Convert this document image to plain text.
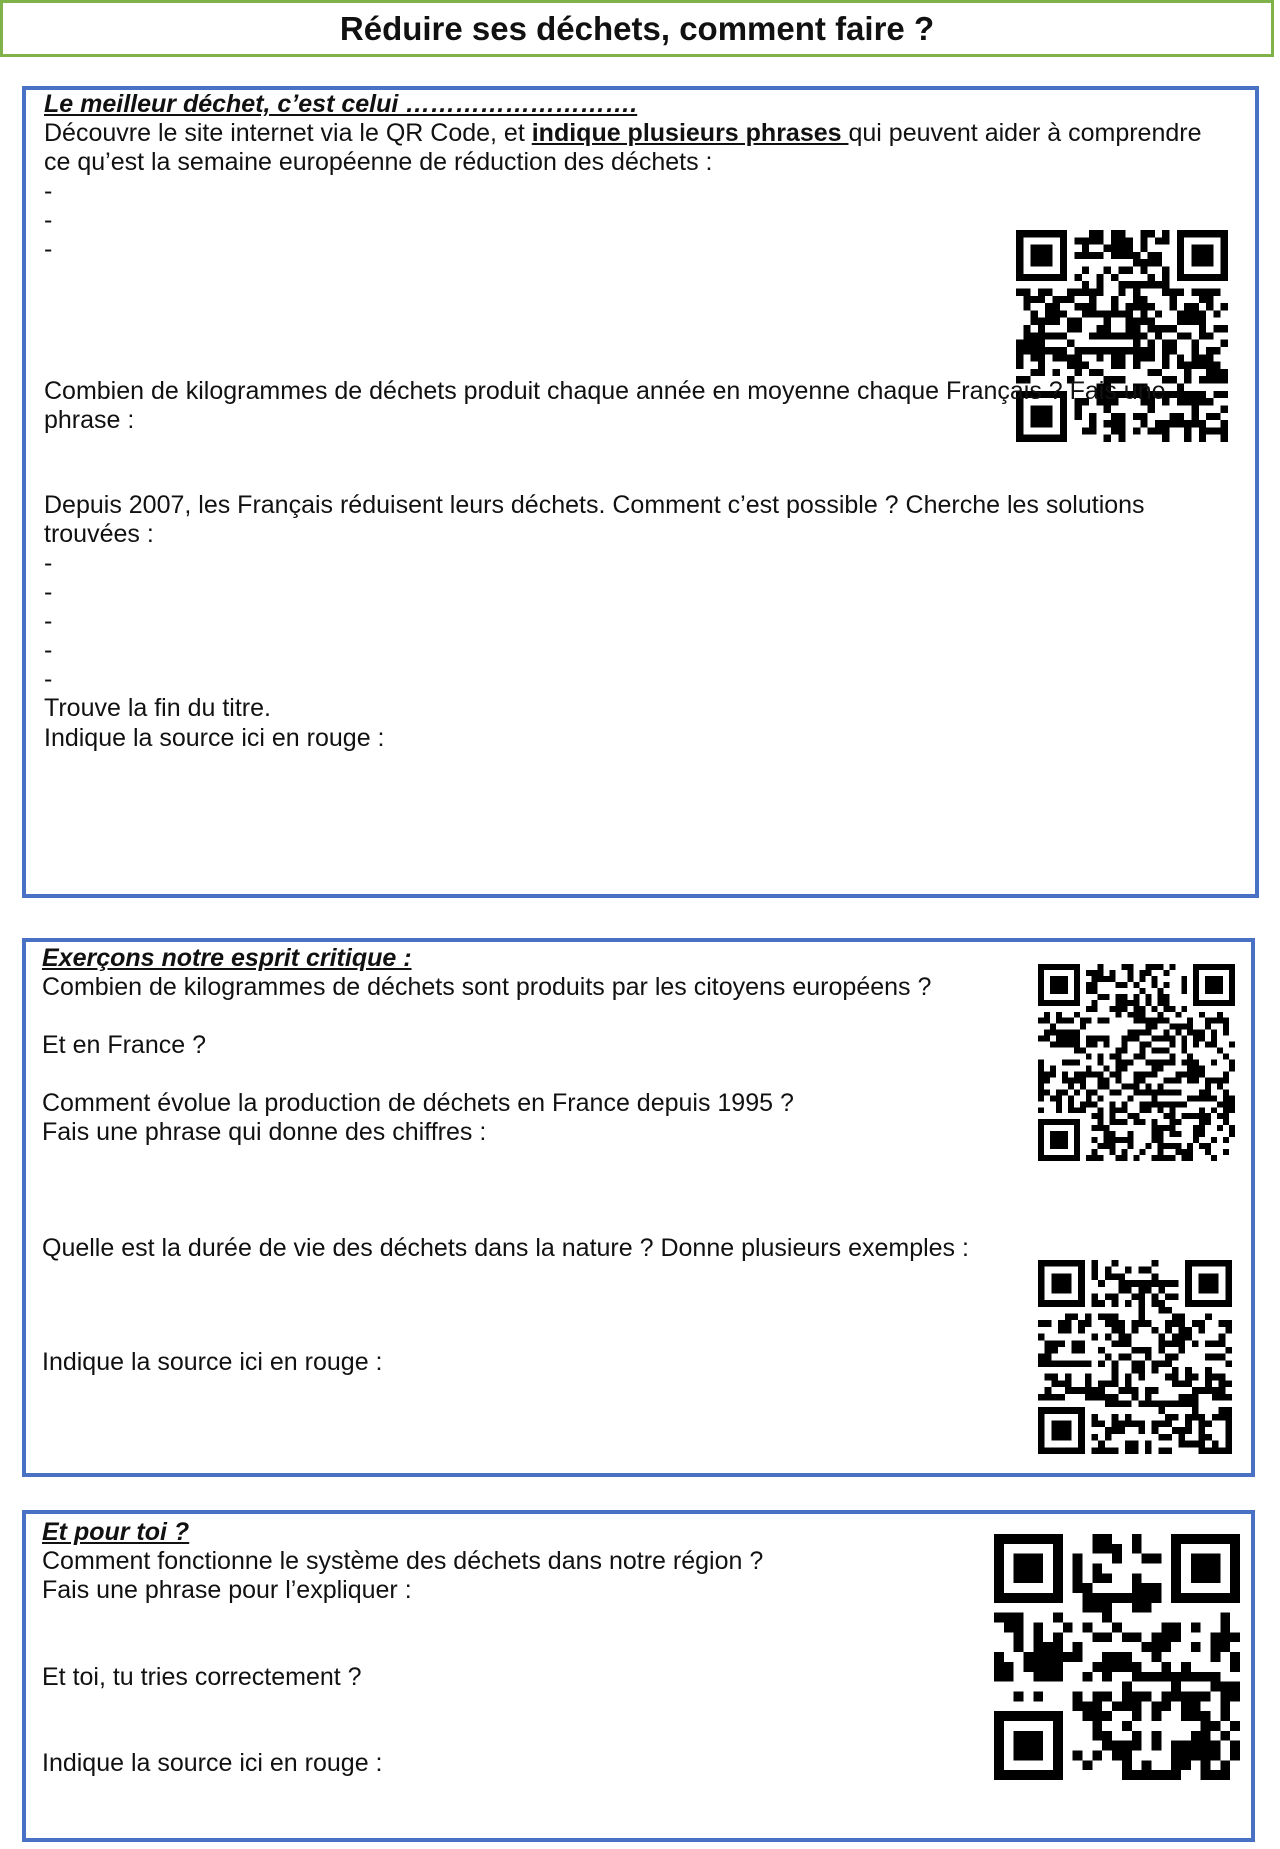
Réduire ses déchets, comment faire ?
Le meilleur déchet, c’est celui ……………………….
Découvre le site internet via le QR Code, et indique plusieurs phrases qui peuvent aider à comprendre
ce qu’est la semaine européenne de réduction des déchets :
-
-
-
Combien de kilogrammes de déchets produit chaque année en moyenne chaque Français ? Fais une
phrase :
Depuis 2007, les Français réduisent leurs déchets. Comment c’est possible ? Cherche les solutions
trouvées :
-
-
-
-
-
Trouve la fin du titre.
Indique la source ici en rouge :
Exerçons notre esprit critique :
Combien de kilogrammes de déchets sont produits par les citoyens européens ?
Et en France ?
Comment évolue la production de déchets en France depuis 1995 ?
Fais une phrase qui donne des chiffres :
Quelle est la durée de vie des déchets dans la nature ? Donne plusieurs exemples :
Indique la source ici en rouge :
Et pour toi ?
Comment fonctionne le système des déchets dans notre région ?
Fais une phrase pour l’expliquer :
Et toi, tu tries correctement ?
Indique la source ici en rouge :
